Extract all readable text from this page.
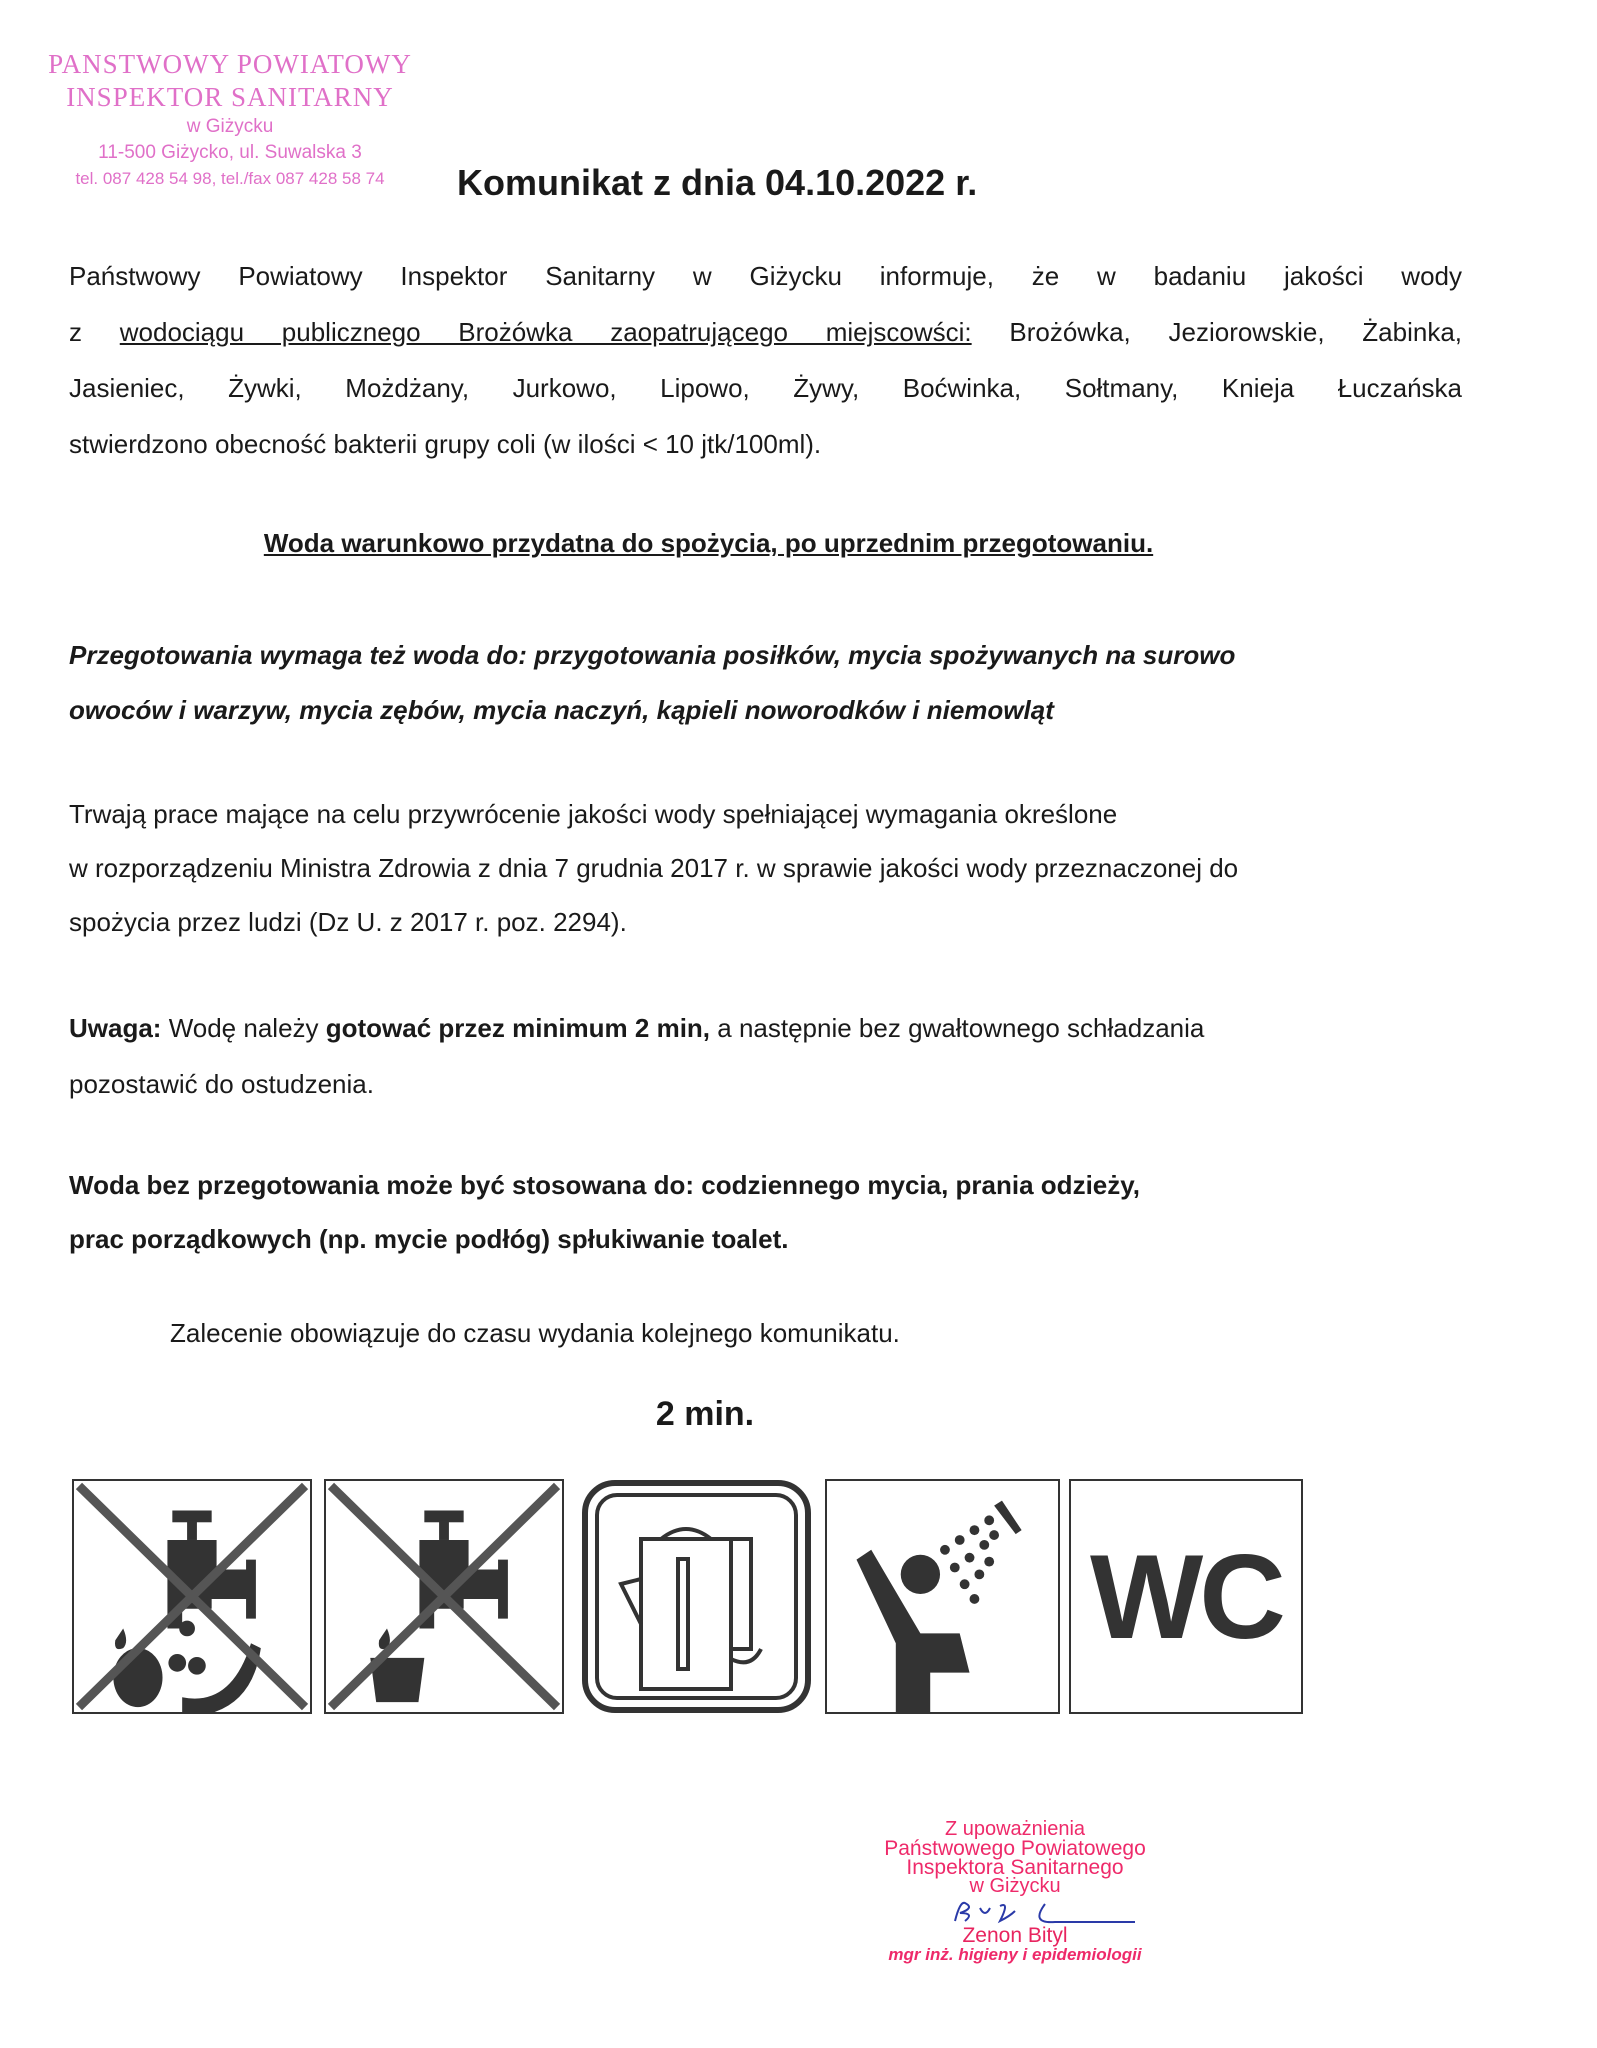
PANSTWOWY POWIATOWY
INSPEKTOR SANITARNY
w Giżycku
11-500 Giżycko, ul. Suwalska 3
tel. 087 428 54 98, tel./fax 087 428 58 74	Komunikat z dnia 04.10.2022 r.
Państwowy Powiatowy Inspektor Sanitarny w Giżycku informuje, że w badaniu jakości wody
z wodociągu publicznego Brożówka zaopatrującego miejscowści: Brożówka, Jeziorowskie, Żabinka,
Jasieniec, Żywki, Możdżany, Jurkowo, Lipowo, Żywy, Boćwinka, Sołtmany, Knieja Łuczańska
stwierdzono obecność bakterii grupy coli (w ilości < 10 jtk/100ml).
Woda warunkowo przydatna do spożycia, po uprzednim przegotowaniu.
Przegotowania wymaga też woda do: przygotowania posiłków, mycia spożywanych na surowo
owoców i warzyw, mycia zębów, mycia naczyń, kąpieli noworodków i niemowląt
Trwają prace mające na celu przywrócenie jakości wody spełniającej wymagania określone
w rozporządzeniu Ministra Zdrowia z dnia 7 grudnia 2017 r. w sprawie jakości wody przeznaczonej do
spożycia przez ludzi (Dz U. z 2017 r. poz. 2294).
Uwaga: Wodę należy gotować przez minimum 2 min, a następnie bez gwałtownego schładzania
pozostawić do ostudzenia.
Woda bez przegotowania może być stosowana do: codziennego mycia, prania odzieży,
prac porządkowych (np. mycie podłóg) spłukiwanie toalet.
Zalecenie obowiązuje do czasu wydania kolejnego komunikatu.
2 min.
WC
Z upoważnienia
Państwowego Powiatowego
Inspektora Sanitarnego
w Giżycku
Zenon Bityl
mgr inż. higieny i epidemiologii
